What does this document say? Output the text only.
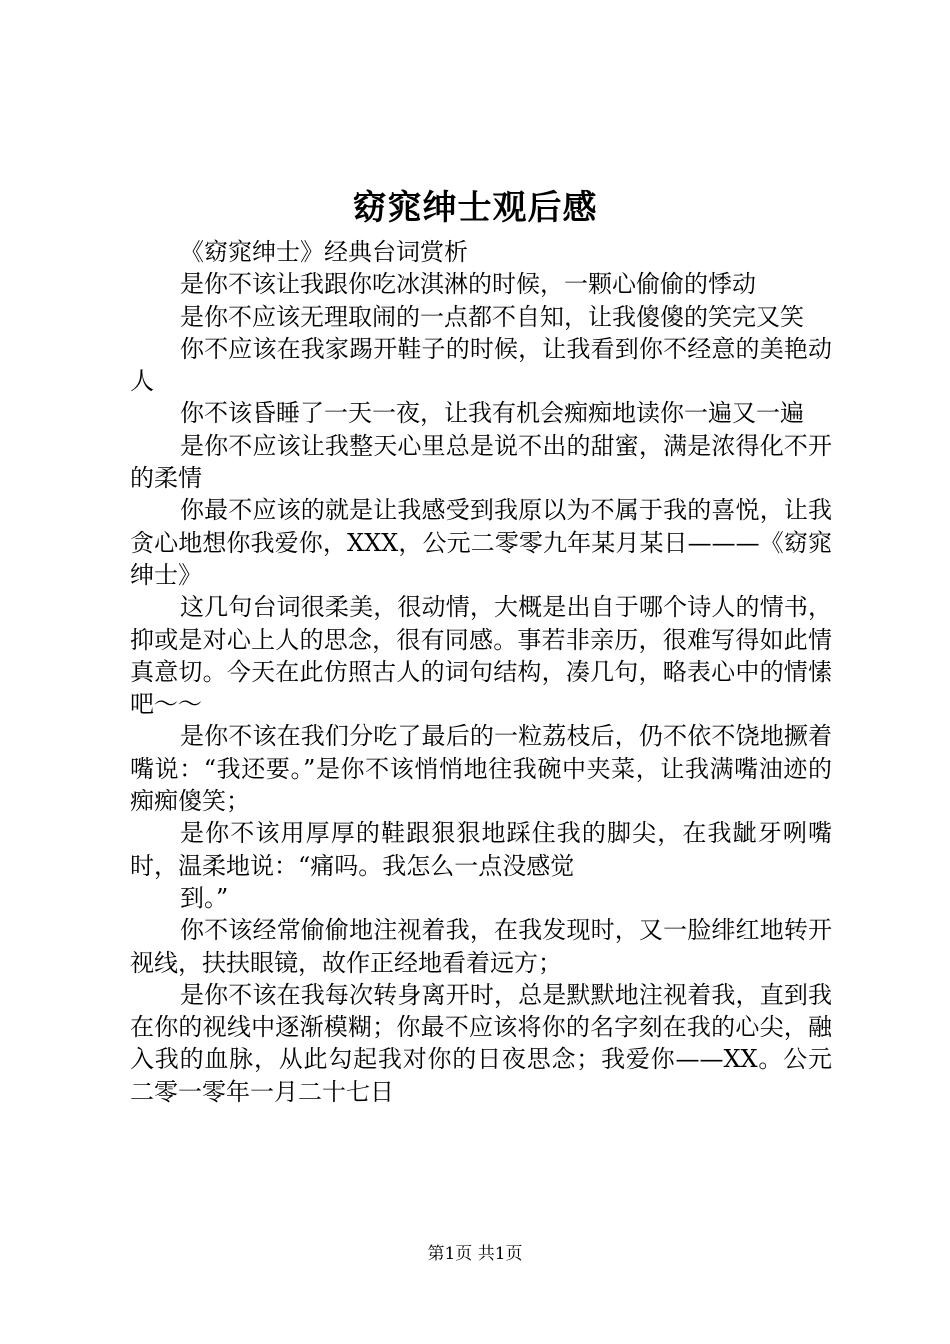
窈窕绅士观后感

《窈窕绅士》经典台词赏析

是你不该让我跟你吃冰淇淋的时候，一颗心偷偷的悸动

是你不应该无理取闹的一点都不自知，让我傻傻的笑完又笑

你不应该在我家踢开鞋子的时候，让我看到你不经意的美艳动人

你不该昏睡了一天一夜，让我有机会痴痴地读你一遍又一遍

是你不应该让我整天心里总是说不出的甜蜜，满是浓得化不开的柔情

你最不应该的就是让我感受到我原以为不属于我的喜悦，让我贪心地想你我爱你，XXX，公元二零零九年某月某日———《窈窕绅士》

这几句台词很柔美，很动情，大概是出自于哪个诗人的情书，抑或是对心上人的思念，很有同感。事若非亲历，很难写得如此情真意切。今天在此仿照古人的词句结构，凑几句，略表心中的情愫吧～～

是你不该在我们分吃了最后的一粒荔枝后，仍不依不饶地撅着嘴说：“我还要。”是你不该悄悄地往我碗中夹菜，让我满嘴油迹的痴痴傻笑；

是你不该用厚厚的鞋跟狠狠地踩住我的脚尖，在我龇牙咧嘴时，温柔地说：“痛吗。我怎么一点没感觉

到。”

你不该经常偷偷地注视着我，在我发现时，又一脸绯红地转开视线，扶扶眼镜，故作正经地看着远方；

是你不该在我每次转身离开时，总是默默地注视着我，直到我在你的视线中逐渐模糊；你最不应该将你的名字刻在我的心尖，融入我的血脉，从此勾起我对你的日夜思念；我爱你——XX。公元二零一零年一月二十七日

第1页 共1页
